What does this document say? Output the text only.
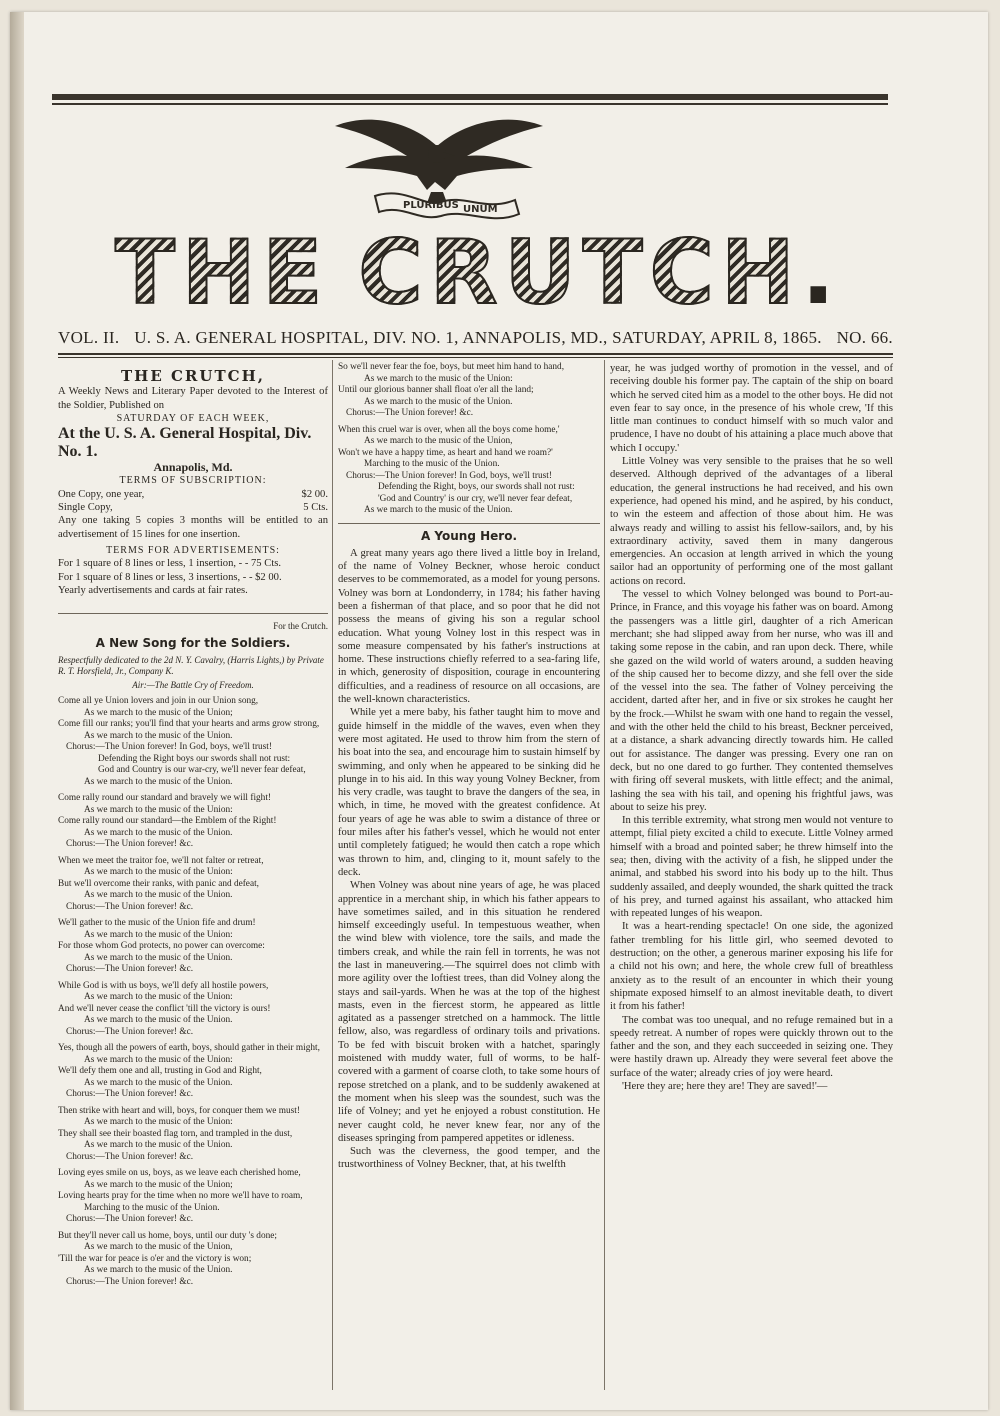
PLURIBUS UNUM
T H E C R U T C H .
VOL. II. U. S. A. GENERAL HOSPITAL, DIV. NO. 1, ANNAPOLIS, MD., SATURDAY, APRIL 8, 1865. NO. 66.
THE CRUTCH,
A Weekly News and Literary Paper devoted to the Interest of the Soldier, Published on
SATURDAY OF EACH WEEK,
At the U. S. A. General Hospital, Div. No. 1.
Annapolis, Md.
TERMS OF SUBSCRIPTION:
One Copy, one year,	$2 00.
Single Copy,	5 Cts.
Any one taking 5 copies 3 months will be entitled to an advertisement of 15 lines for one insertion.
TERMS FOR ADVERTISEMENTS:
For 1 square of 8 lines or less, 1 insertion, - - 75 Cts.
For 1 square of 8 lines or less, 3 insertions, - - $2 00.
Yearly advertisements and cards at fair rates.
For the Crutch.
A New Song for the Soldiers.
Respectfully dedicated to the 2d N. Y. Cavalry, (Harris Lights,) by Private R. T. Horsfield, Jr., Company K.
Air:—The Battle Cry of Freedom.

Come all ye Union lovers and join in our Union song,

As we march to the music of the Union;

Come fill our ranks; you'll find that your hearts and arms grow strong,

As we march to the music of the Union.

Chorus:—The Union forever! In God, boys, we'll trust!

Defending the Right boys our swords shall not rust:

God and Country is our war-cry, we'll never fear defeat,

As we march to the music of the Union.

Come rally round our standard and bravely we will fight!

As we march to the music of the Union:

Come rally round our standard—the Emblem of the Right!

As we march to the music of the Union.

Chorus:—The Union forever! &c.

When we meet the traitor foe, we'll not falter or retreat,

As we march to the music of the Union:

But we'll overcome their ranks, with panic and defeat,

As we march to the music of the Union.

Chorus:—The Union forever! &c.

We'll gather to the music of the Union fife and drum!

As we march to the music of the Union:

For those whom God protects, no power can overcome:

As we march to the music of the Union.

Chorus:—The Union forever! &c.

While God is with us boys, we'll defy all hostile powers,

As we march to the music of the Union:

And we'll never cease the conflict 'till the victory is ours!

As we march to the music of the Union.

Chorus:—The Union forever! &c.

Yes, though all the powers of earth, boys, should gather in their might,

As we march to the music of the Union:

We'll defy them one and all, trusting in God and Right,

As we march to the music of the Union.

Chorus:—The Union forever! &c.

Then strike with heart and will, boys, for conquer them we must!

As we march to the music of the Union:

They shall see their boasted flag torn, and trampled in the dust,

As we march to the music of the Union.

Chorus:—The Union forever! &c.

Loving eyes smile on us, boys, as we leave each cherished home,

As we march to the music of the Union;

Loving hearts pray for the time when no more we'll have to roam,

Marching to the music of the Union.

Chorus:—The Union forever! &c.

But they'll never call us home, boys, until our duty 's done;

As we march to the music of the Union,

'Till the war for peace is o'er and the victory is won;

As we march to the music of the Union.

Chorus:—The Union forever! &c.

So we'll never fear the foe, boys, but meet him hand to hand,

As we march to the music of the Union:

Until our glorious banner shall float o'er all the land;

As we march to the music of the Union.

Chorus:—The Union forever! &c.

When this cruel war is over, when all the boys come home,'

As we march to the music of the Union,

Won't we have a happy time, as heart and hand we roam?'

Marching to the music of the Union.

Chorus:—The Union forever! In God, boys, we'll trust!

Defending the Right, boys, our swords shall not rust:

'God and Country' is our cry, we'll never fear defeat,

As we march to the music of the Union.

A Young Hero.

A great many years ago there lived a little boy in Ireland, of the name of Volney Beckner, whose heroic conduct deserves to be commemorated, as a model for young persons. Volney was born at Londonderry, in 1784; his father having been a fisherman of that place, and so poor that he did not possess the means of giving his son a regular school education. What young Volney lost in this respect was in some measure compensated by his father's instructions at home. These instructions chiefly referred to a sea-faring life, in which, generosity of disposition, courage in encountering difficulties, and a readiness of resource on all occasions, are the well-known characteristics.

While yet a mere baby, his father taught him to move and guide himself in the middle of the waves, even when they were most agitated. He used to throw him from the stern of his boat into the sea, and encourage him to sustain himself by swimming, and only when he appeared to be sinking did he plunge in to his aid. In this way young Volney Beckner, from his very cradle, was taught to brave the dangers of the sea, in which, in time, he moved with the greatest confidence. At four years of age he was able to swim a distance of three or four miles after his father's vessel, which he would not enter until completely fatigued; he would then catch a rope which was thrown to him, and, clinging to it, mount safely to the deck.

When Volney was about nine years of age, he was placed apprentice in a merchant ship, in which his father appears to have sometimes sailed, and in this situation he rendered himself exceedingly useful. In tempestuous weather, when the wind blew with violence, tore the sails, and made the timbers creak, and while the rain fell in torrents, he was not the last in maneuvering.—The squirrel does not climb with more agility over the loftiest trees, than did Volney along the stays and sail-yards. When he was at the top of the highest masts, even in the fiercest storm, he appeared as little agitated as a passenger stretched on a hammock. The little fellow, also, was regardless of ordinary toils and privations. To be fed with biscuit broken with a hatchet, sparingly moistened with muddy water, full of worms, to be half-covered with a garment of coarse cloth, to take some hours of repose stretched on a plank, and to be suddenly awakened at the moment when his sleep was the soundest, such was the life of Volney; and yet he enjoyed a robust constitution. He never caught cold, he never knew fear, nor any of the diseases springing from pampered appetites or idleness.

Such was the cleverness, the good temper, and the trustworthiness of Volney Beckner, that, at his twelfth

year, he was judged worthy of promotion in the vessel, and of receiving double his former pay. The captain of the ship on board which he served cited him as a model to the other boys. He did not even fear to say once, in the presence of his whole crew, 'If this little man continues to conduct himself with so much valor and prudence, I have no doubt of his attaining a place much above that which I occupy.'

Little Volney was very sensible to the praises that he so well deserved. Although deprived of the advantages of a liberal education, the general instructions he had received, and his own experience, had opened his mind, and he aspired, by his conduct, to win the esteem and affection of those about him. He was always ready and willing to assist his fellow-sailors, and, by his extraordinary activity, saved them in many dangerous emergencies. An occasion at length arrived in which the young sailor had an opportunity of performing one of the most gallant actions on record.

The vessel to which Volney belonged was bound to Port-au-Prince, in France, and this voyage his father was on board. Among the passengers was a little girl, daughter of a rich American merchant; she had slipped away from her nurse, who was ill and taking some repose in the cabin, and ran upon deck. There, while she gazed on the wild world of waters around, a sudden heaving of the ship caused her to become dizzy, and she fell over the side of the vessel into the sea. The father of Volney perceiving the accident, darted after her, and in five or six strokes he caught her by the frock.—Whilst he swam with one hand to regain the vessel, and with the other held the child to his breast, Beckner perceived, at a distance, a shark advancing directly towards him. He called out for assistance. The danger was pressing. Every one ran on deck, but no one dared to go further. They contented themselves with firing off several muskets, with little effect; and the animal, lashing the sea with his tail, and opening his frightful jaws, was about to seize his prey.

In this terrible extremity, what strong men would not venture to attempt, filial piety excited a child to execute. Little Volney armed himself with a broad and pointed saber; he threw himself into the sea; then, diving with the activity of a fish, he slipped under the animal, and stabbed his sword into his body up to the hilt. Thus suddenly assailed, and deeply wounded, the shark quitted the track of his prey, and turned against his assailant, who attacked him with repeated lunges of his weapon.

It was a heart-rending spectacle! On one side, the agonized father trembling for his little girl, who seemed devoted to destruction; on the other, a generous mariner exposing his life for a child not his own; and here, the whole crew full of breathless anxiety as to the result of an encounter in which their young shipmate exposed himself to an almost inevitable death, to divert it from his father!

The combat was too unequal, and no refuge remained but in a speedy retreat. A number of ropes were quickly thrown out to the father and the son, and they each succeeded in seizing one. They were hastily drawn up. Already they were several feet above the surface of the water; already cries of joy were heard.

'Here they are; here they are! They are saved!'—
